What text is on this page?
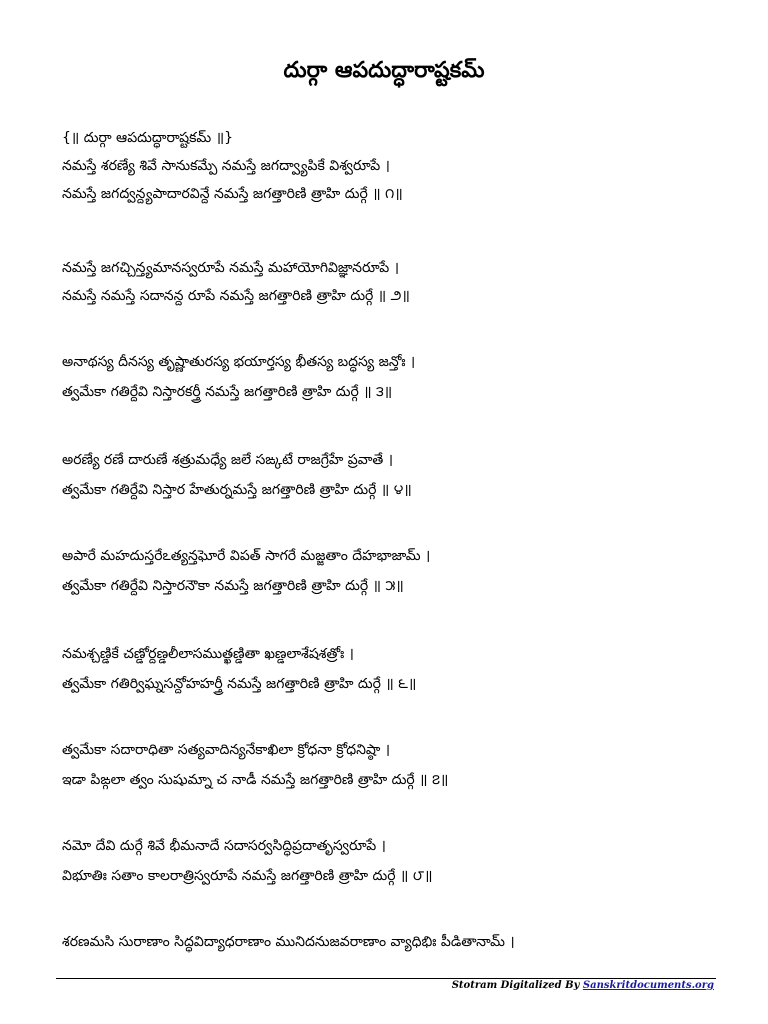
దుర్గా ఆపదుద్ధారాష్టకమ్
{॥ దుర్గా ఆపదుద్ధారాష్టకమ్ ॥}
నమస్తే శరణ్యే శివే సానుకమ్పే నమస్తే జగద్వ్యాపికే విశ్వరూపే ।
నమస్తే జగద్వన్ద్యపాదారవిన్దే నమస్తే జగత్తారిణి త్రాహి దుర్గే ॥ ౧॥
నమస్తే జగచ్చిన్త్యమానస్వరూపే నమస్తే మహాయోగివిజ్ఞానరూపే ।
నమస్తే నమస్తే సదానన్ద రూపే నమస్తే జగత్తారిణి త్రాహి దుర్గే ॥ ౨॥
అనాథస్య దీనస్య తృష్ణాతురస్య భయార్తస్య భీతస్య బద్ధస్య జన్తోః ।
త్వమేకా గతిర్దేవి నిస్తారకర్త్రీ నమస్తే జగత్తారిణి త్రాహి దుర్గే ॥ ౩॥
అరణ్యే రణే దారుణే శత్రుమధ్యే జలే సఙ్కటే రాజగ్రేహే ప్రవాతే ।
త్వమేకా గతిర్దేవి నిస్తార హేతుర్నమస్తే జగత్తారిణి త్రాహి దుర్గే ॥ ౪॥
అపారే మహదుస్తరేఽత్యన్తఘోరే విపత్ సాగరే మజ్జతాం దేహభాజామ్ ।
త్వమేకా గతిర్దేవి నిస్తారనౌకా నమస్తే జగత్తారిణి త్రాహి దుర్గే ॥ ౫॥
నమశ్చణ్డికే చణ్డోర్దణ్డలీలాసముత్ఖణ్డితా ఖణ్డలాశేషశత్రోః ।
త్వమేకా గతిర్విఘ్నసన్దోహహర్త్రీ నమస్తే జగత్తారిణి త్రాహి దుర్గే ॥ ౬॥
త్వమేకా సదారాధితా సత్యవాదిన్యనేకాఖిలా క్రోధనా క్రోధనిష్ఠా ।
ఇడా పిఙ్గలా త్వం సుషుమ్నా చ నాడీ నమస్తే జగత్తారిణి త్రాహి దుర్గే ॥ ౭॥
నమో దేవి దుర్గే శివే భీమనాదే సదాసర్వసిద్ధిప్రదాతృస్వరూపే ।
విభూతిః సతాం కాలరాత్రిస్వరూపే నమస్తే జగత్తారిణి త్రాహి దుర్గే ॥ ౮॥
శరణమసి సురాణాం సిద్ధవిద్యాధరాణాం మునిదనుజవరాణాం వ్యాధిభిః పీడితానామ్ ।
Stotram Digitalized By Sanskritdocuments.org
